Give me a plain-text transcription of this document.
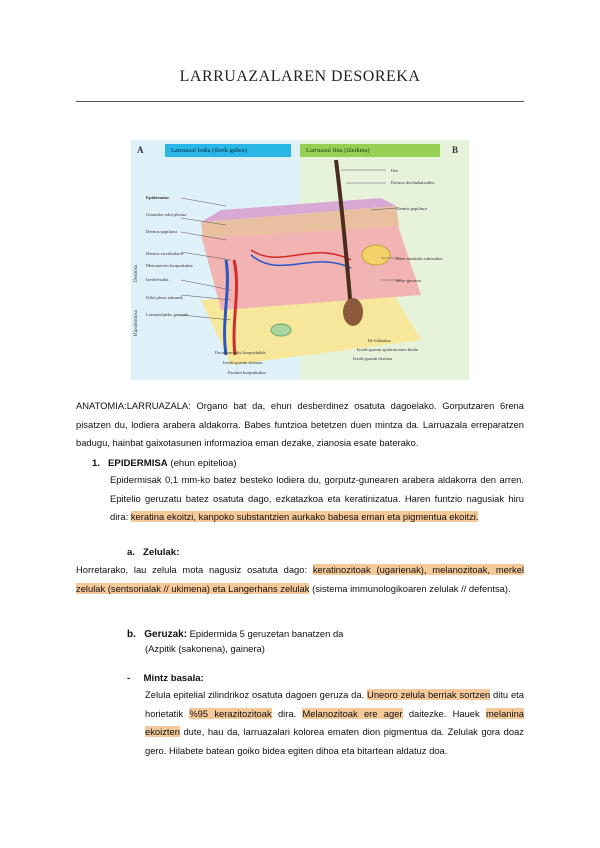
LARRUAZALAREN DESOREKA
A	B
Larruazal lodia (ilerik gabea)	Larruazal fina (iileduna)
Epidermisa
Guraizko-odol plexua
Dermis papilarra
Dermis erretikularra
Meissnerren korpuskulua
Izerdi-hodia
Odol plexu sakonak
Larruazalpeko gantzak
Hipodermisa
Dermisa
Ilea
Dermis ileolazkatzailea
Dermis papilarra
Iaren muskulu zutitzailea
Sebo-guruina
Pacinitarrenko korpuskulak
Izerdi-guruin ekrinoa
Pacinin korpuskulua
Ile folikulua
Izerdi-guruin apokrinoaren hodia
Izerdi-guruin ekrinoa
ANATOMIA:LARRUAZALA: Organo bat da, ehun desberdinez osatuta dagoelako. Gorputzaren 6rena pisatzen du, lodiera arabera aldakorra. Babes funtzioa betetzen duen mintza da. Larruazala erreparatzen badugu, hainbat gaixotasunen informazioa eman dezake, zianosia esate baterako.
1. EPIDERMISA (ehun epitelioa)
Epidermisak 0,1 mm-ko batez besteko lodiera du, gorputz-gunearen arabera aldakorra den arren. Epitelio geruzatu batez osatuta dago, ezkatazkoa eta keratinizatua. Haren funtzio nagusiak hiru dira: keratina ekoitzi, kanpoko substantzien aurkako babesa eman eta pigmentua ekoitzi.
a. Zelulak:
Horretarako, lau zelula mota nagusiz osatuta dago: keratinozitoak (ugarienak), melanozitoak, merkel zelulak (sentsorialak // ukimena) eta Langerhans zelulak (sistema immunologikoaren zelulak // defentsa).
b. Geruzak: Epidermida 5 geruzetan banatzen da
(Azpitik (sakonena), gainera)
- Mintz basala:
Zelula epitelial zilindrikoz osatuta dagoen geruza da. Uneoro zelula berriak sortzen ditu eta horietatik %95 kerazitozitoak dira. Melanozitoak ere ager daitezke. Hauek melanina ekoizten dute, hau da, larruazalari kolorea ematen dion pigmentua da. Zelulak gora doaz gero. Hilabete batean goiko bidea egiten dihoa eta bitartean aldatuz doa.
